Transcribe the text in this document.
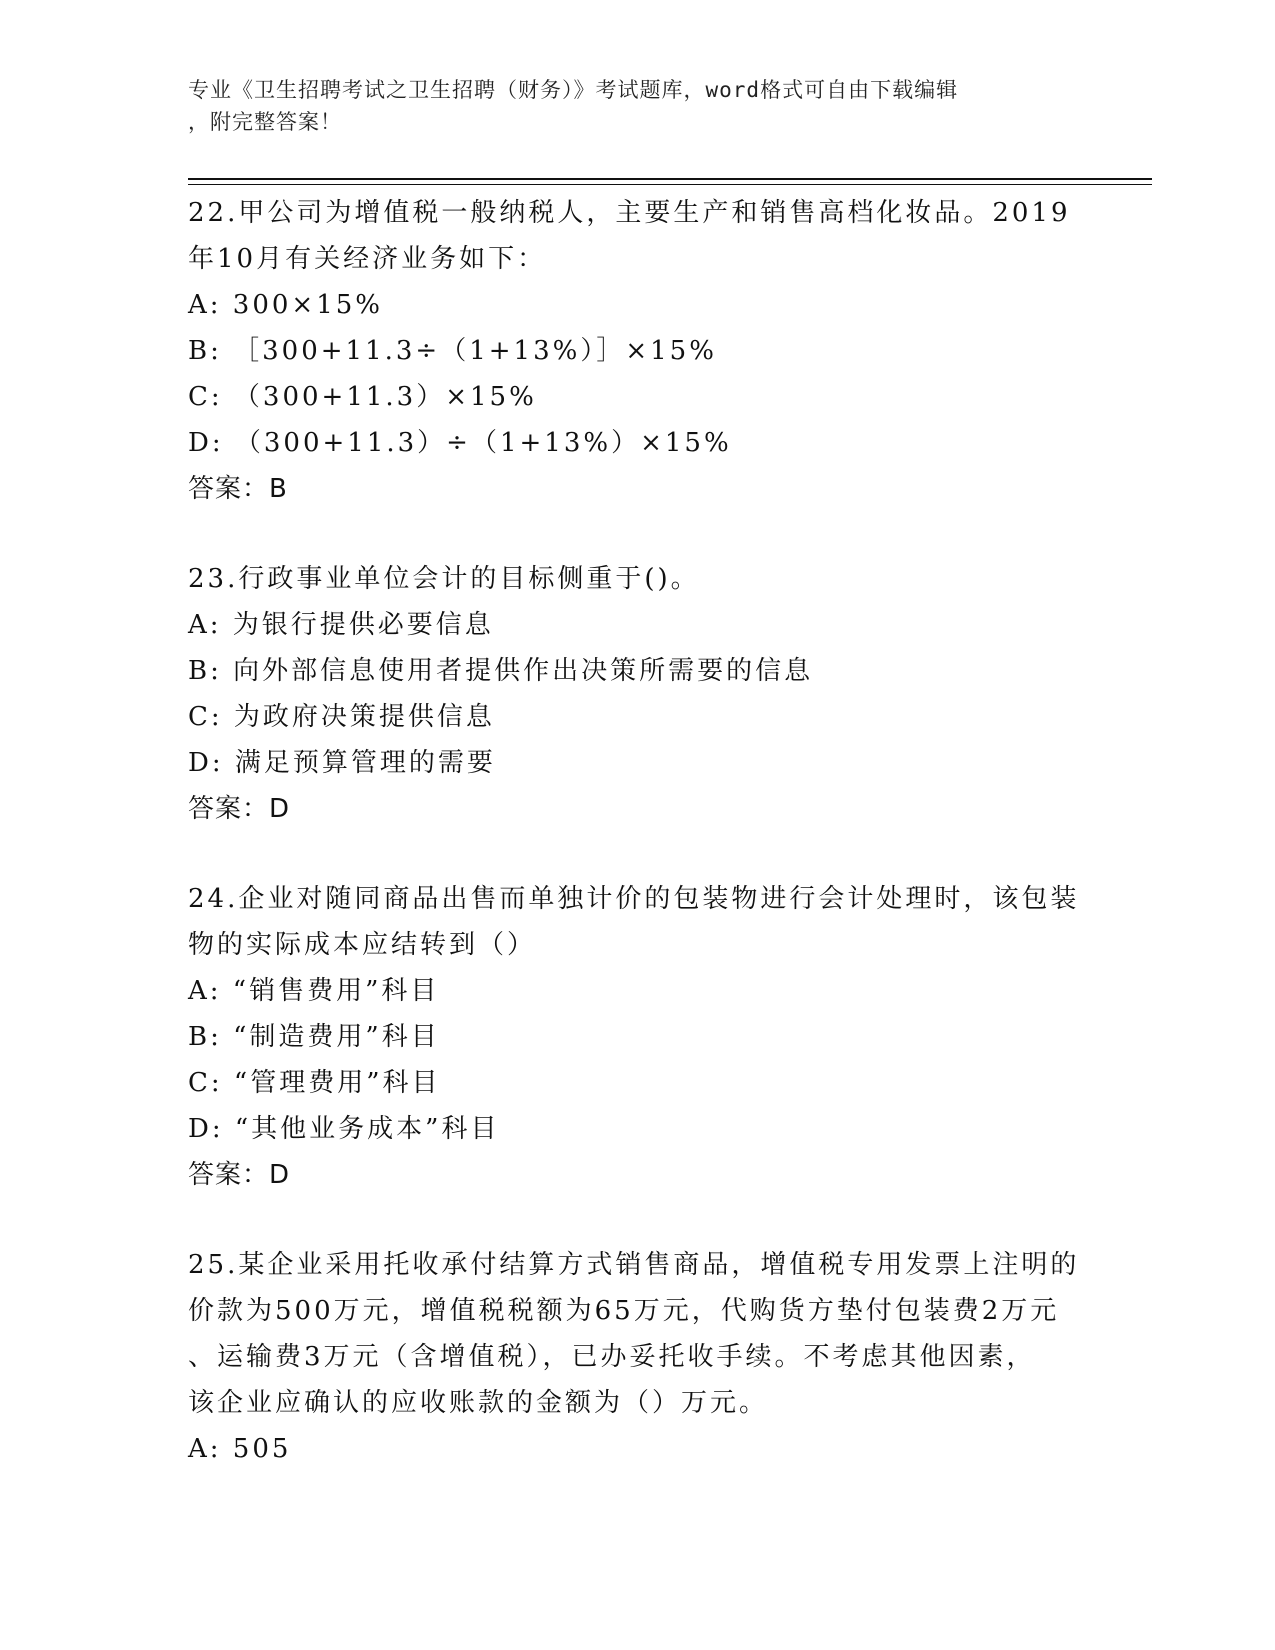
专业《卫生招聘考试之卫生招聘（财务）》考试题库，word格式可自由下载编辑
，附完整答案！
22.甲公司为增值税一般纳税人，主要生产和销售高档化妆品。2019
年10月有关经济业务如下：
A: 300×15%
B: ［300+11.3÷（1+13%）］×15%
C: （300+11.3）×15%
D: （300+11.3）÷（1+13%）×15%
答案：B
23.行政事业单位会计的目标侧重于()。
A: 为银行提供必要信息
B: 向外部信息使用者提供作出决策所需要的信息
C: 为政府决策提供信息
D: 满足预算管理的需要
答案：D
24.企业对随同商品出售而单独计价的包装物进行会计处理时，该包装
物的实际成本应结转到（）
A: “销售费用”科目
B: “制造费用”科目
C: “管理费用”科目
D: “其他业务成本”科目
答案：D
25.某企业采用托收承付结算方式销售商品，增值税专用发票上注明的
价款为500万元，增值税税额为65万元，代购货方垫付包装费2万元
、运输费3万元（含增值税），已办妥托收手续。不考虑其他因素，
该企业应确认的应收账款的金额为（）万元。
A: 505
